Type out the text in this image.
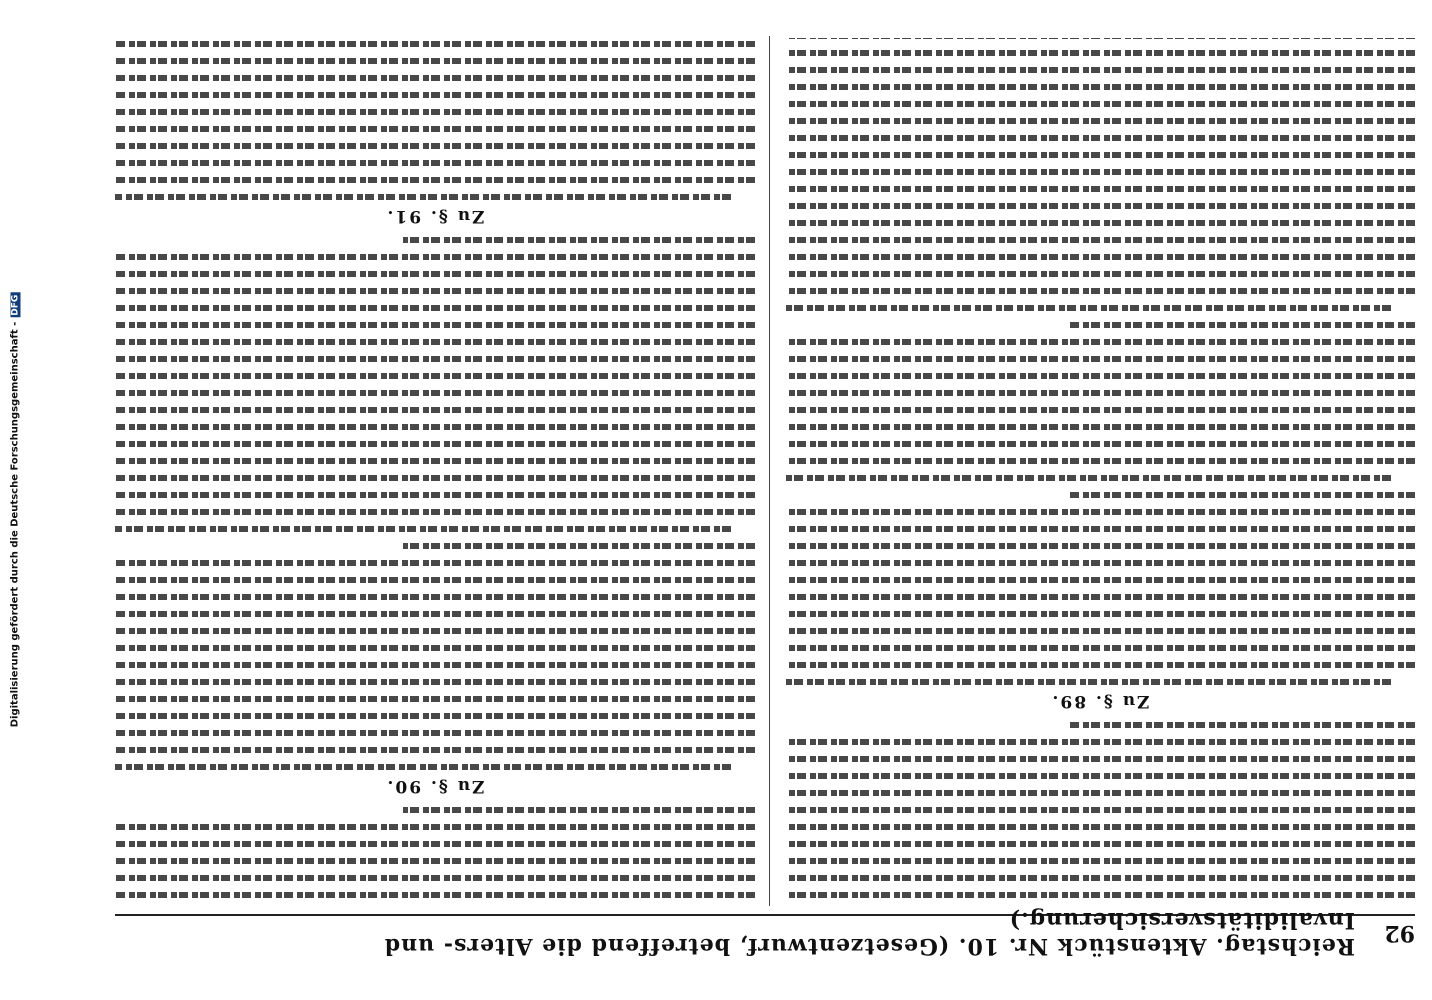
92
Reichstag. Aktenstück Nr. 10. (Gesetzentwurf, betreffend die Alters- und Invaliditätsversicherung.)
Zu §. 89.
Zu §. 90.
Zu §. 91.
Digitalisierung gefördert durch die Deutsche Forschungsgemeinschaft -
DFG
